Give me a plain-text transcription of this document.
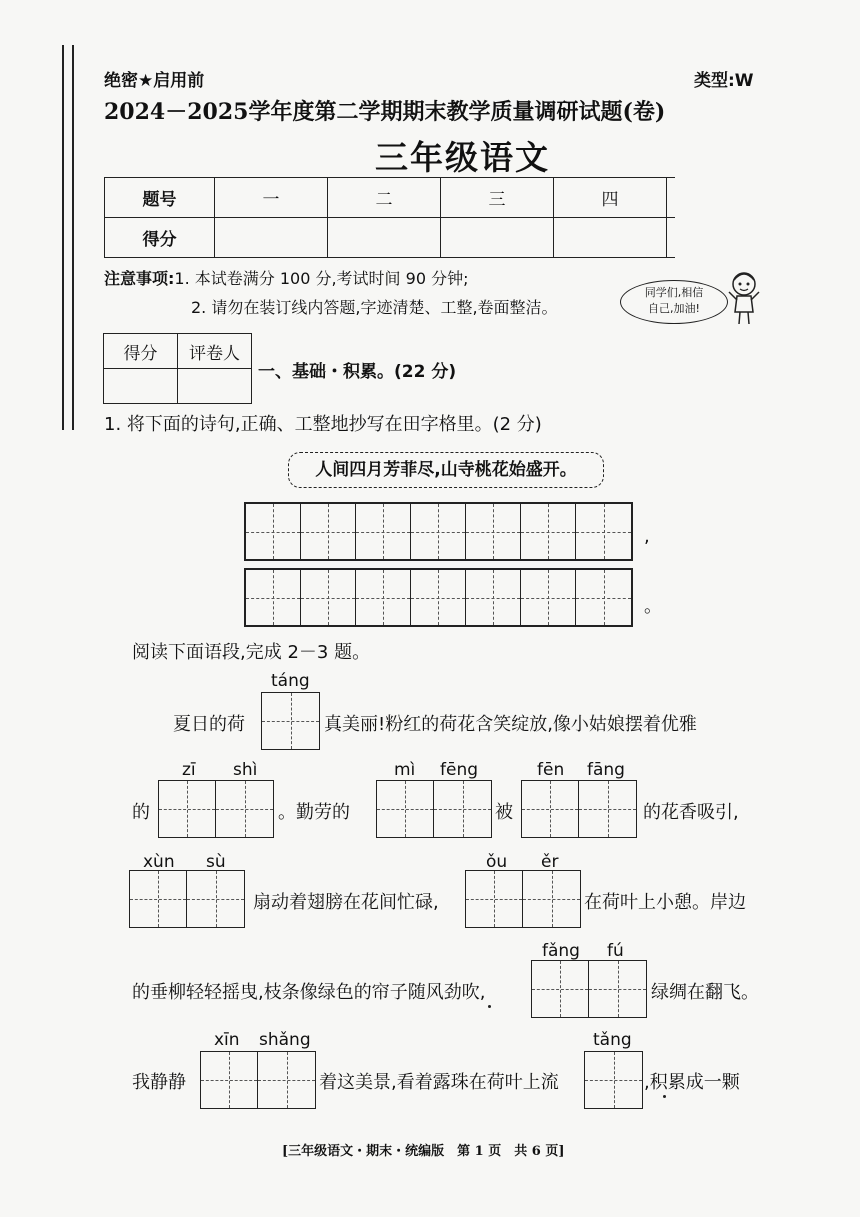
绝密★启用前	类型:W
2024－2025学年度第二学期期末教学质量调研试题(卷)
三年级语文
题号	一	二	三	四	
得分					
注意事项:1. 本试卷满分 100 分,考试时间 90 分钟;
2. 请勿在装订线内答题,字迹清楚、工整,卷面整洁。
同学们,相信
自己,加油!
得分	评卷人

一、基础・积累。(22 分)
1. 将下面的诗句,正确、工整地抄写在田字格里。(2 分)
人间四月芳菲尽,山寺桃花始盛开。
,
。
阅读下面语段,完成 2－3 题。
táng
夏日的荷	真美丽!粉红的荷花含笑绽放,像小姑娘摆着优雅
zī shì	mì fēng	fēn fāng
的	。勤劳的	被	的花香吸引,
xùn sù	ǒu ěr
扇动着翅膀在花间忙碌,	在荷叶上小憩。岸边
fǎng fú
的垂柳轻轻摇曳,枝条像绿色的帘子随风劲吹,	绿绸在翻飞。
xīn shǎng	tǎng
我静静	着这美景,看着露珠在荷叶上流	,积累成一颗
[三年级语文・期末・统编版　第 1 页　共 6 页]
